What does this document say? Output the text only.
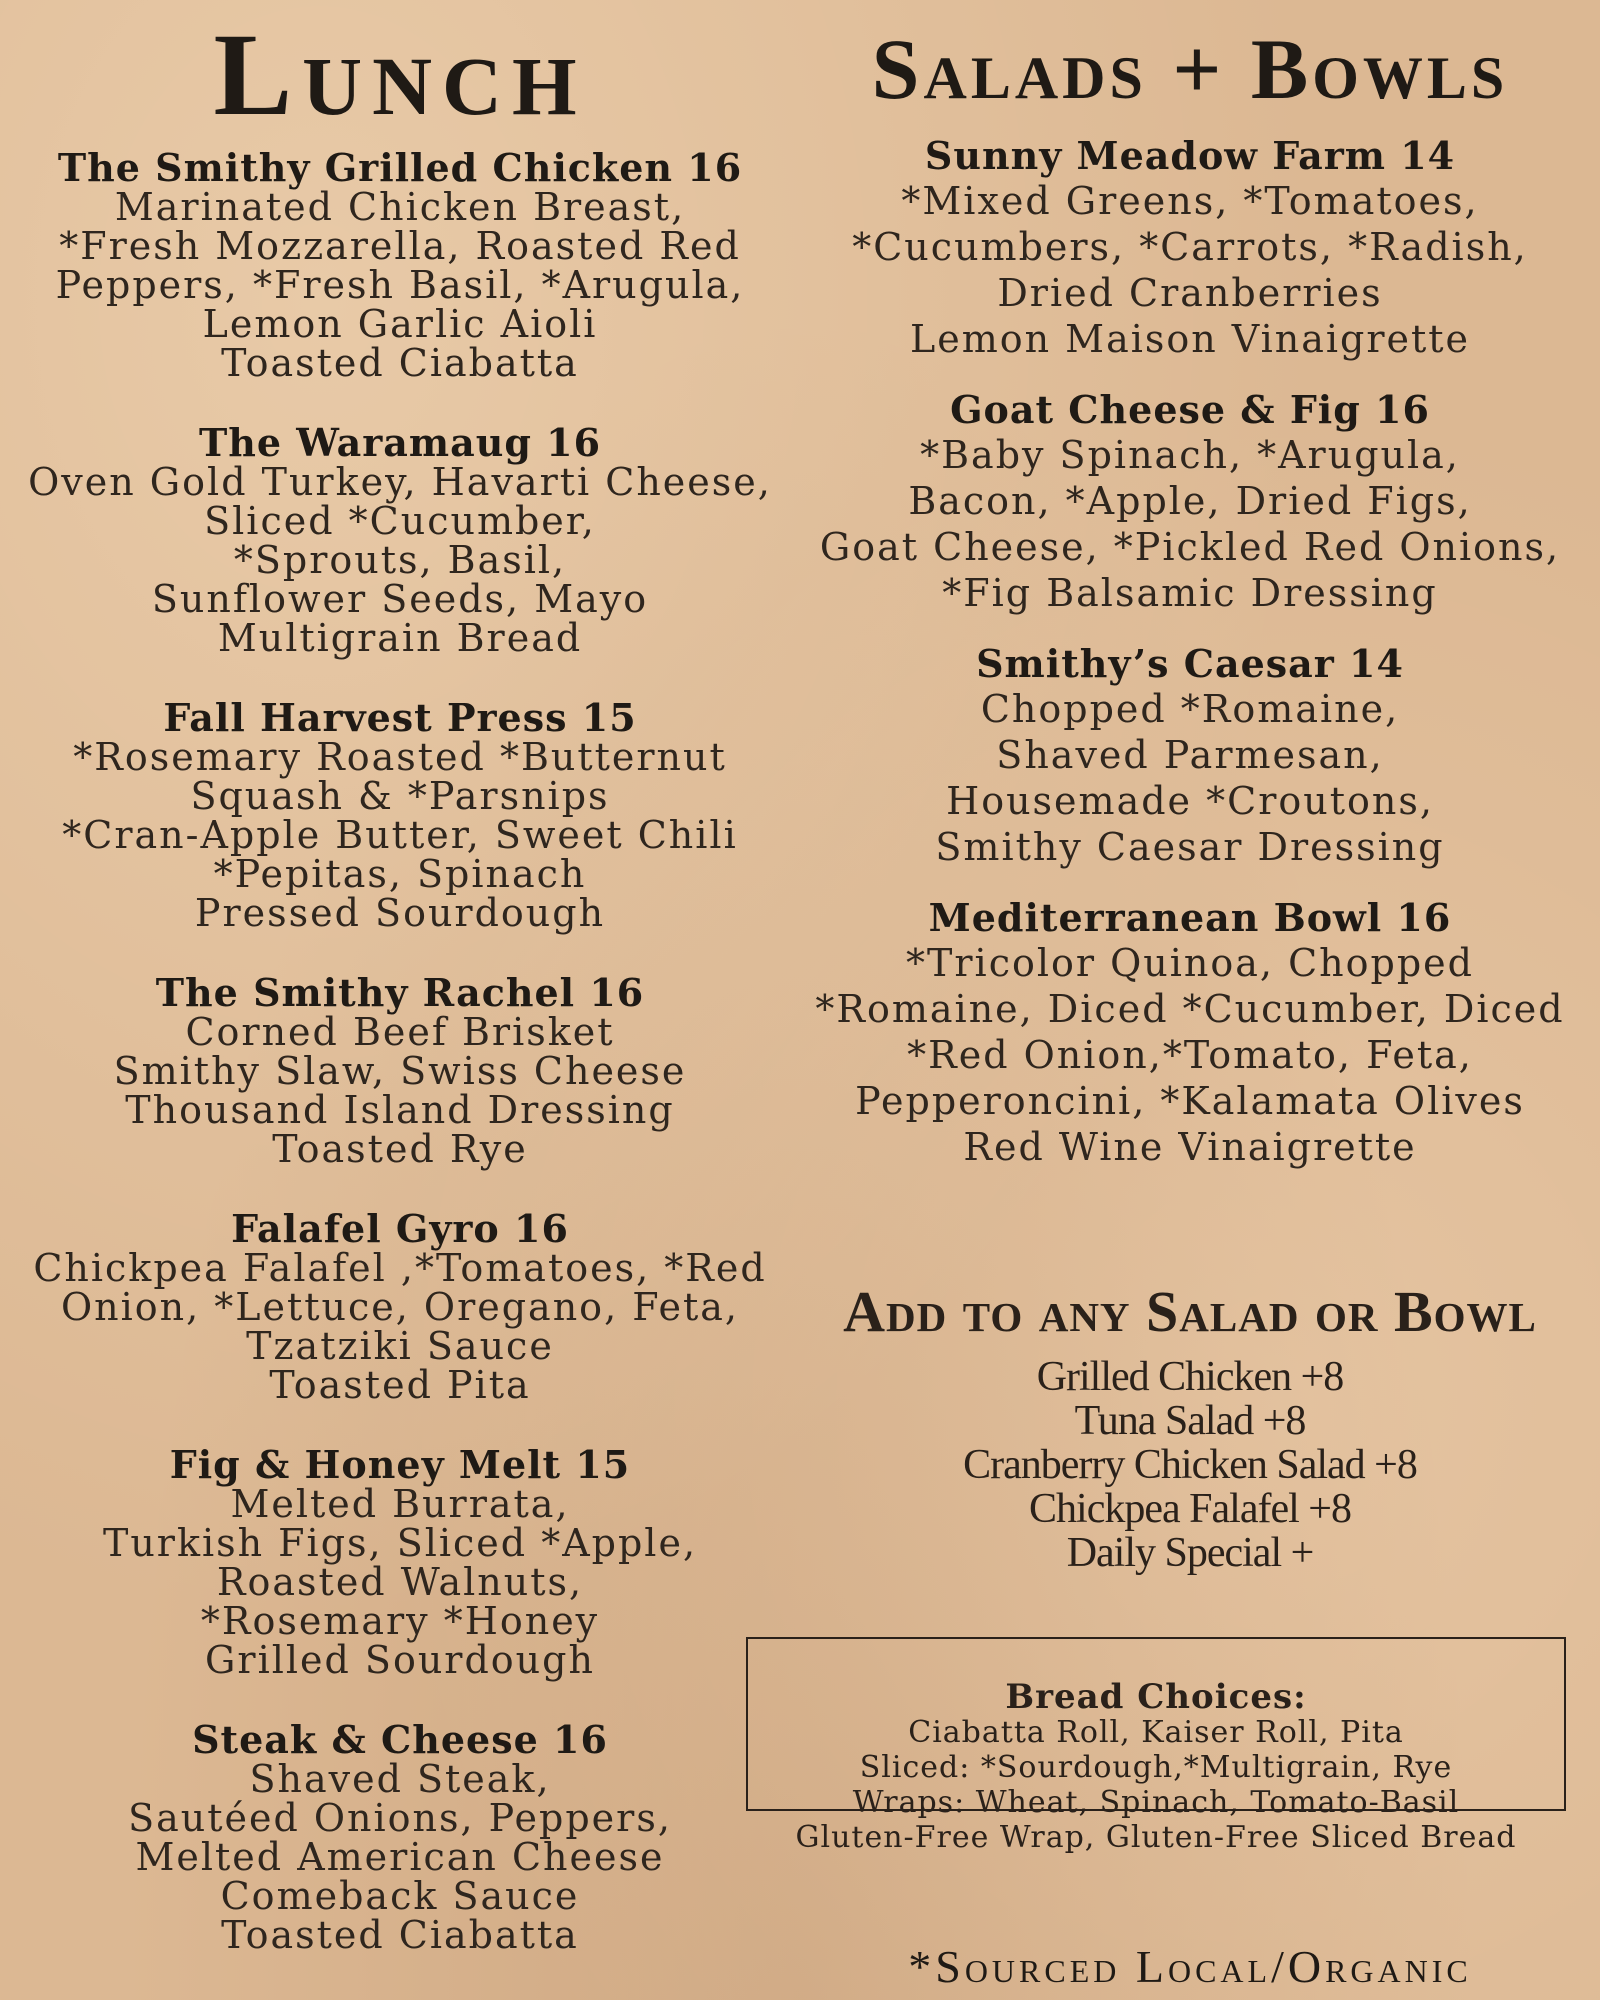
Lunch
The Smithy Grilled Chicken 16
Marinated Chicken Breast,
*Fresh Mozzarella, Roasted Red
Peppers, *Fresh Basil, *Arugula,
Lemon Garlic Aioli
Toasted Ciabatta
The Waramaug 16
Oven Gold Turkey, Havarti Cheese,
Sliced *Cucumber,
*Sprouts, Basil,
Sunflower Seeds, Mayo
Multigrain Bread
Fall Harvest Press 15
*Rosemary Roasted *Butternut
Squash & *Parsnips
*Cran-Apple Butter, Sweet Chili
*Pepitas, Spinach
Pressed Sourdough
The Smithy Rachel 16
Corned Beef Brisket
Smithy Slaw, Swiss Cheese
Thousand Island Dressing
Toasted Rye
Falafel Gyro 16
Chickpea Falafel ,*Tomatoes, *Red
Onion, *Lettuce, Oregano, Feta,
Tzatziki Sauce
Toasted Pita
Fig & Honey Melt 15
Melted Burrata,
Turkish Figs, Sliced *Apple,
Roasted Walnuts,
*Rosemary *Honey
Grilled Sourdough
Steak & Cheese 16
Shaved Steak,
Sautéed Onions, Peppers,
Melted American Cheese
Comeback Sauce
Toasted Ciabatta
Salads + Bowls
Sunny Meadow Farm 14
*Mixed Greens, *Tomatoes,
*Cucumbers, *Carrots, *Radish,
Dried Cranberries
Lemon Maison Vinaigrette
Goat Cheese & Fig 16
*Baby Spinach, *Arugula,
Bacon, *Apple, Dried Figs,
Goat Cheese, *Pickled Red Onions,
*Fig Balsamic Dressing
Smithy’s Caesar 14
Chopped *Romaine,
Shaved Parmesan,
Housemade *Croutons,
Smithy Caesar Dressing
Mediterranean Bowl 16
*Tricolor Quinoa, Chopped
*Romaine, Diced *Cucumber, Diced
*Red Onion,*Tomato, Feta,
Pepperoncini, *Kalamata Olives
Red Wine Vinaigrette
Add to any Salad or Bowl
Grilled Chicken +8
Tuna Salad +8
Cranberry Chicken Salad +8
Chickpea Falafel +8
Daily Special +
Bread Choices:
Ciabatta Roll, Kaiser Roll, Pita
Sliced: *Sourdough,*Multigrain, Rye
Wraps: Wheat, Spinach, Tomato-Basil
Gluten-Free Wrap, Gluten-Free Sliced Bread
*Sourced Local/Organic
